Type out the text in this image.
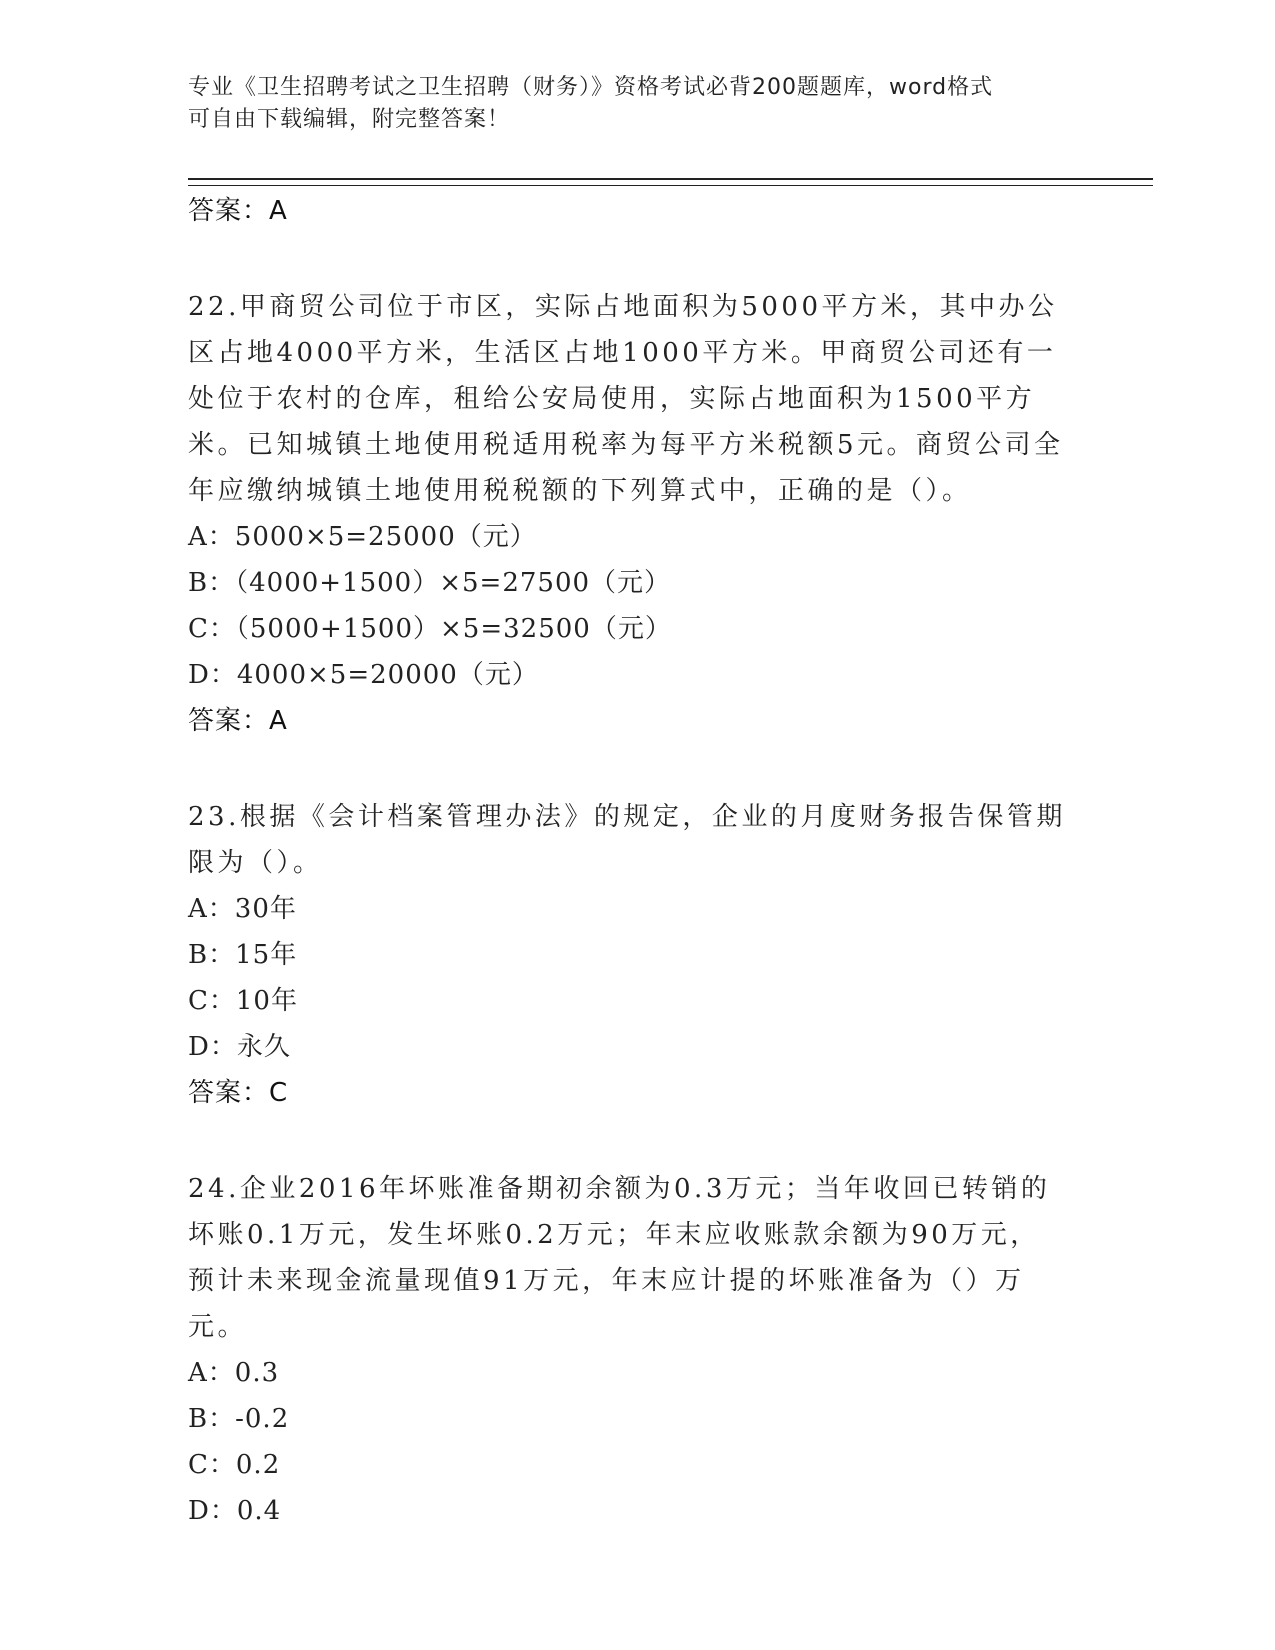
专业《卫生招聘考试之卫生招聘（财务）》资格考试必背200题题库，word格式
可自由下载编辑，附完整答案！
答案：A

22.甲商贸公司位于市区，实际占地面积为5000平方米，其中办公区占地4000平方米，生活区占地1000平方米。甲商贸公司还有一处位于农村的仓库，租给公安局使用，实际占地面积为1500平方米。已知城镇土地使用税适用税率为每平方米税额5元。商贸公司全年应缴纳城镇土地使用税税额的下列算式中，正确的是（）。

A：5000×5=25000（元）
B：（4000+1500）×5=27500（元）
C：（5000+1500）×5=32500（元）
D：4000×5=20000（元）
答案：A

23.根据《会计档案管理办法》的规定，企业的月度财务报告保管期限为（）。

A：30年
B：15年
C：10年
D：永久
答案：C

24.企业2016年坏账准备期初余额为0.3万元；当年收回已转销的坏账0.1万元，发生坏账0.2万元；年末应收账款余额为90万元，预计未来现金流量现值91万元，年末应计提的坏账准备为（）万元。

A：0.3
B：-0.2
C：0.2
D：0.4
